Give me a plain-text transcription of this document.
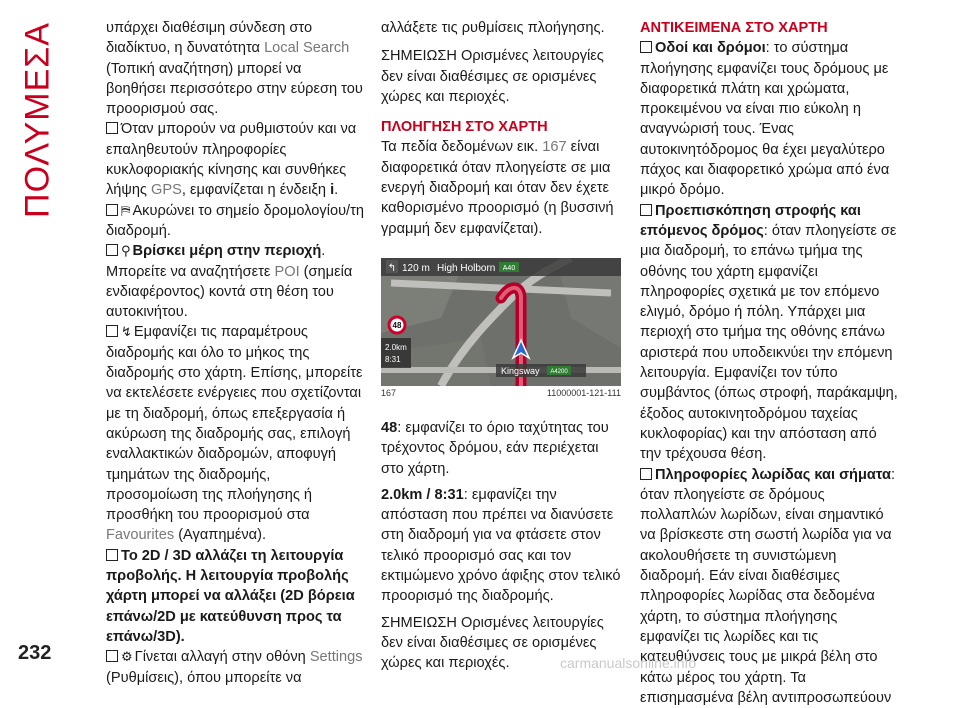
ΠΟΛΥΜΕΣΑ	υπάρχει διαθέσιμη σύνδεση στο διαδίκτυο, η δυνατότητα Local Search (Τοπική αναζήτηση) μπορεί να βοηθήσει περισσότερο στην εύρεση του προορισμού σας.

Όταν μπορούν να ρυθμιστούν και να επαληθευτούν πληροφορίες κυκλοφοριακής κίνησης και συνθήκες λήψης GPS, εμφανίζεται η ένδειξη i.

⛿ Ακυρώνει το σημείο δρομολογίου/τη διαδρομή.

⚲ Βρίσκει μέρη στην περιοχή. Μπορείτε να αναζητήσετε POI (σημεία ενδιαφέροντος) κοντά στη θέση του αυτοκινήτου.

↯ Εμφανίζει τις παραμέτρους διαδρομής και όλο το μήκος της διαδρομής στο χάρτη. Επίσης, μπορείτε να εκτελέσετε ενέργειες που σχετίζονται με τη διαδρομή, όπως επεξεργασία ή ακύρωση της διαδρομής σας, επιλογή εναλλακτικών διαδρομών, αποφυγή τμημάτων της διαδρομής, προσομοίωση της πλοήγησης ή προσθήκη του προορισμού στα Favourites (Αγαπημένα).

Το 2D / 3D αλλάζει τη λειτουργία προβολής. Η λειτουργία προβολής χάρτη μπορεί να αλλάξει (2D βόρεια επάνω/2D με κατεύθυνση προς τα επάνω/3D).

⚙ Γίνεται αλλαγή στην οθόνη Settings (Ρυθμίσεις), όπου μπορείτε να

αλλάξετε τις ρυθμίσεις πλοήγησης.

ΣΗΜΕΙΩΣΗ Ορισμένες λειτουργίες δεν είναι διαθέσιμες σε ορισμένες χώρες και περιοχές.

ΠΛΟΗΓΗΣΗ ΣΤΟ ΧΑΡΤΗ

Τα πεδία δεδομένων εικ. 167 είναι διαφορετικά όταν πλοηγείστε σε μια ενεργή διαδρομή και όταν δεν έχετε καθορισμένο προορισμό (η βυσσινή γραμμή δεν εμφανίζεται).

↰ 120 m High Holborn A40
48
2.0km
8:31
Kingsway A4200
167	11000001-121-111

48: εμφανίζει το όριο ταχύτητας του τρέχοντος δρόμου, εάν περιέχεται στο χάρτη.

2.0km / 8:31: εμφανίζει την απόσταση που πρέπει να διανύσετε στη διαδρομή για να φτάσετε στον τελικό προορισμό σας και τον εκτιμώμενο χρόνο άφιξης στον τελικό προορισμό της διαδρομής.

ΣΗΜΕΙΩΣΗ Ορισμένες λειτουργίες δεν είναι διαθέσιμες σε ορισμένες χώρες και περιοχές.

ΑΝΤΙΚΕΙΜΕΝΑ ΣΤΟ ΧΑΡΤΗ

Οδοί και δρόμοι: το σύστημα πλοήγησης εμφανίζει τους δρόμους με διαφορετικά πλάτη και χρώματα, προκειμένου να είναι πιο εύκολη η αναγνώρισή τους. Ένας αυτοκινητόδρομος θα έχει μεγαλύτερο πάχος και διαφορετικό χρώμα από ένα μικρό δρόμο.

Προεπισκόπηση στροφής και επόμενος δρόμος: όταν πλοηγείστε σε μια διαδρομή, το επάνω τμήμα της οθόνης του χάρτη εμφανίζει πληροφορίες σχετικά με τον επόμενο ελιγμό, δρόμο ή πόλη. Υπάρχει μια περιοχή στο τμήμα της οθόνης επάνω αριστερά που υποδεικνύει την επόμενη λειτουργία. Εμφανίζει τον τύπο συμβάντος (όπως στροφή, παράκαμψη, έξοδος αυτοκινητοδρόμου ταχείας κυκλοφορίας) και την απόσταση από την τρέχουσα θέση.

Πληροφορίες λωρίδας και σήματα: όταν πλοηγείστε σε δρόμους πολλαπλών λωρίδων, είναι σημαντικό να βρίσκεστε στη σωστή λωρίδα για να ακολουθήσετε τη συνιστώμενη διαδρομή. Εάν είναι διαθέσιμες πληροφορίες λωρίδας στα δεδομένα χάρτη, το σύστημα πλοήγησης εμφανίζει τις λωρίδες και τις κατευθύνσεις τους με μικρά βέλη στο κάτω μέρος του χάρτη. Τα επισημασμένα βέλη αντιπροσωπεύουν

232	carmanualsonline.info
